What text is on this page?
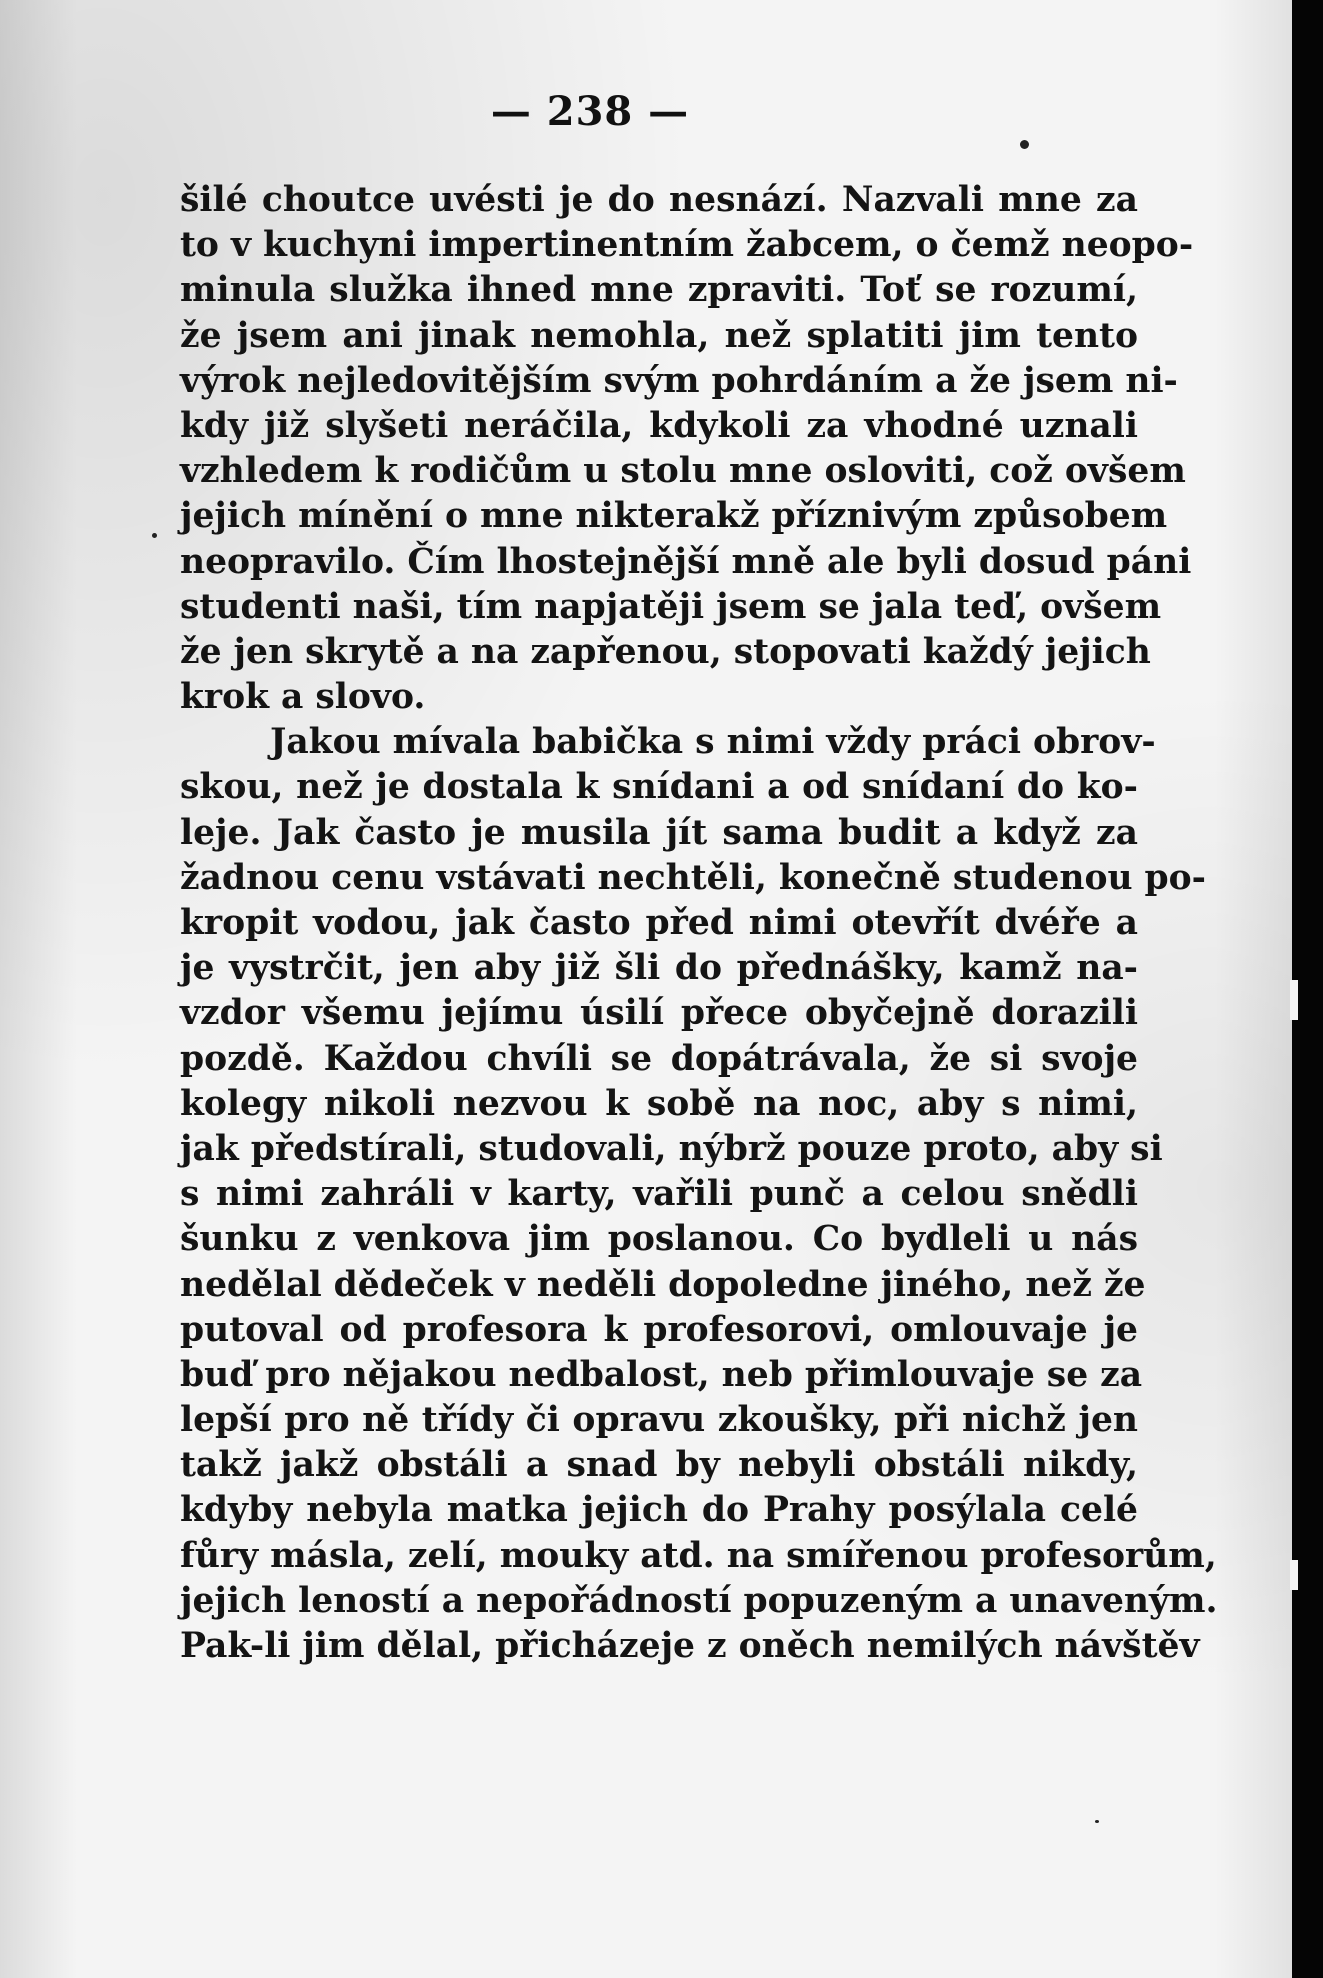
— 238 —
šilé choutce uvésti je do nesnází. Nazvali mne za
to v kuchyni impertinentním žabcem, o čemž neopo-
minula služka ihned mne zpraviti. Toť se rozumí,
že jsem ani jinak nemohla, než splatiti jim tento
výrok nejledovitějším svým pohrdáním a že jsem ni-
kdy již slyšeti neráčila, kdykoli za vhodné uznali
vzhledem k rodičům u stolu mne osloviti, což ovšem
jejich mínění o mne nikterakž příznivým způsobem
neopravilo. Čím lhostejnější mně ale byli dosud páni
studenti naši, tím napjatěji jsem se jala teď, ovšem
že jen skrytě a na zapřenou, stopovati každý jejich
krok a slovo.
Jakou mívala babička s nimi vždy práci obrov-
skou, než je dostala k snídani a od snídaní do ko-
leje. Jak často je musila jít sama budit a když za
žadnou cenu vstávati nechtěli, konečně studenou po-
kropit vodou, jak často před nimi otevřít dvéře a
je vystrčit, jen aby již šli do přednášky, kamž na-
vzdor všemu jejímu úsilí přece obyčejně dorazili
pozdě. Každou chvíli se dopátrávala, že si svoje
kolegy nikoli nezvou k sobě na noc, aby s nimi,
jak předstírali, studovali, nýbrž pouze proto, aby si
s nimi zahráli v karty, vařili punč a celou snědli
šunku z venkova jim poslanou. Co bydleli u nás
nedělal dědeček v neděli dopoledne jiného, než že
putoval od profesora k profesorovi, omlouvaje je
buď pro nějakou nedbalost, neb přimlouvaje se za
lepší pro ně třídy či opravu zkoušky, při nichž jen
takž jakž obstáli a snad by nebyli obstáli nikdy,
kdyby nebyla matka jejich do Prahy posýlala celé
fůry másla, zelí, mouky atd. na smířenou profesorům,
jejich leností a nepořádností popuzeným a unaveným.
Pak-li jim dělal, přicházeje z oněch nemilých návštěv
